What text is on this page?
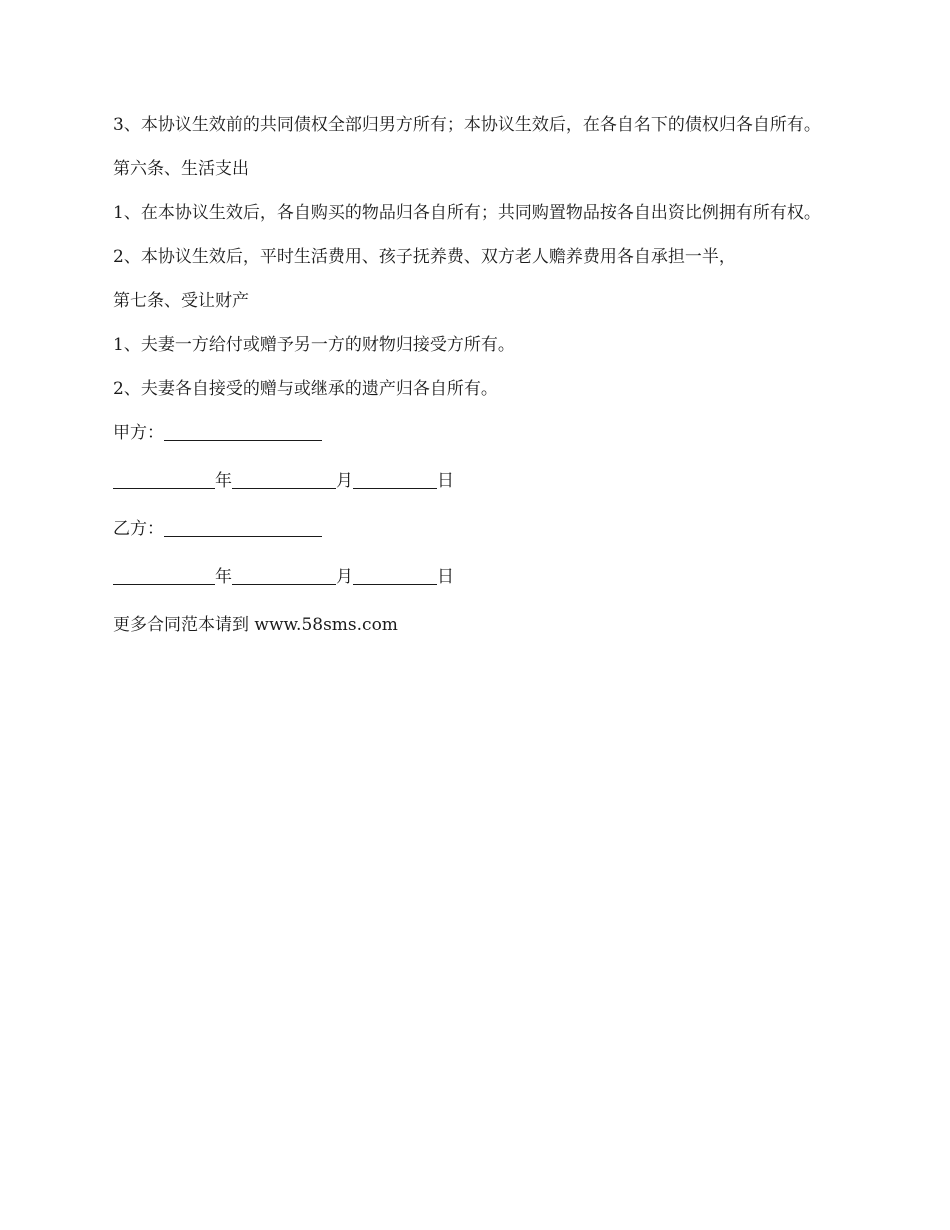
3、本协议生效前的共同债权全部归男方所有；本协议生效后，在各自名下的债权归各自所有。

第六条、生活支出

1、在本协议生效后，各自购买的物品归各自所有；共同购置物品按各自出资比例拥有所有权。

2、本协议生效后，平时生活费用、孩子抚养费、双方老人赡养费用各自承担一半，

第七条、受让财产

1、夫妻一方给付或赠予另一方的财物归接受方所有。

2、夫妻各自接受的赠与或继承的遗产归各自所有。

甲方：

年	月	日

乙方：

年	月	日

更多合同范本请到 www.58sms.com
